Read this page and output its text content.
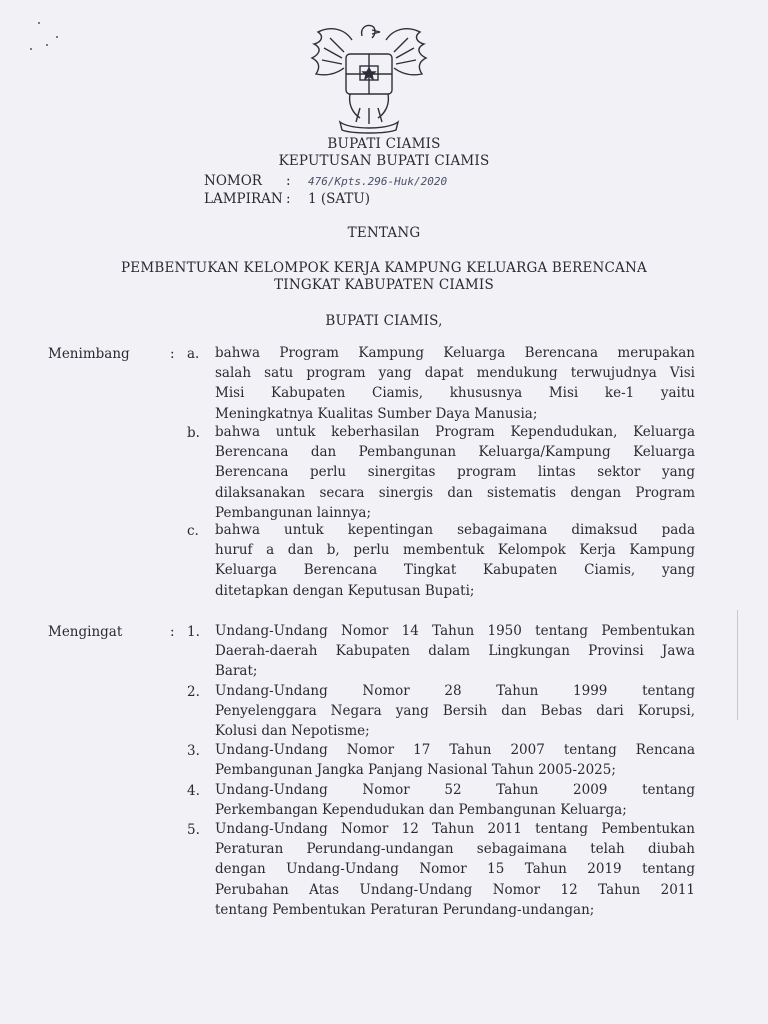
BUPATI CIAMIS
KEPUTUSAN BUPATI CIAMIS
NOMOR : 476/Kpts.296-Huk/2020
LAMPIRAN : 1 (SATU)
TENTANG
PEMBENTUKAN KELOMPOK KERJA KAMPUNG KELUARGA BERENCANA
TINGKAT KABUPATEN CIAMIS
BUPATI CIAMIS,
Menimbang	: a. bahwa Program Kampung Keluarga Berencana merupakan
salah satu program yang dapat mendukung terwujudnya Visi
Misi Kabupaten Ciamis, khususnya Misi ke-1 yaitu
Meningkatnya Kualitas Sumber Daya Manusia;
b. bahwa untuk keberhasilan Program Kependudukan, Keluarga
Berencana dan Pembangunan Keluarga/Kampung Keluarga
Berencana perlu sinergitas program lintas sektor yang
dilaksanakan secara sinergis dan sistematis dengan Program
Pembangunan lainnya;
c. bahwa untuk kepentingan sebagaimana dimaksud pada
huruf a dan b, perlu membentuk Kelompok Kerja Kampung
Keluarga Berencana Tingkat Kabupaten Ciamis, yang
ditetapkan dengan Keputusan Bupati;
Mengingat	: 1. Undang-Undang Nomor 14 Tahun 1950 tentang Pembentukan
Daerah-daerah Kabupaten dalam Lingkungan Provinsi Jawa
Barat;
2. Undang-Undang Nomor 28 Tahun 1999 tentang
Penyelenggara Negara yang Bersih dan Bebas dari Korupsi,
Kolusi dan Nepotisme;
3. Undang-Undang Nomor 17 Tahun 2007 tentang Rencana
Pembangunan Jangka Panjang Nasional Tahun 2005-2025;
4. Undang-Undang Nomor 52 Tahun 2009 tentang
Perkembangan Kependudukan dan Pembangunan Keluarga;
5. Undang-Undang Nomor 12 Tahun 2011 tentang Pembentukan
Peraturan Perundang-undangan sebagaimana telah diubah
dengan Undang-Undang Nomor 15 Tahun 2019 tentang
Perubahan Atas Undang-Undang Nomor 12 Tahun 2011
tentang Pembentukan Peraturan Perundang-undangan;
